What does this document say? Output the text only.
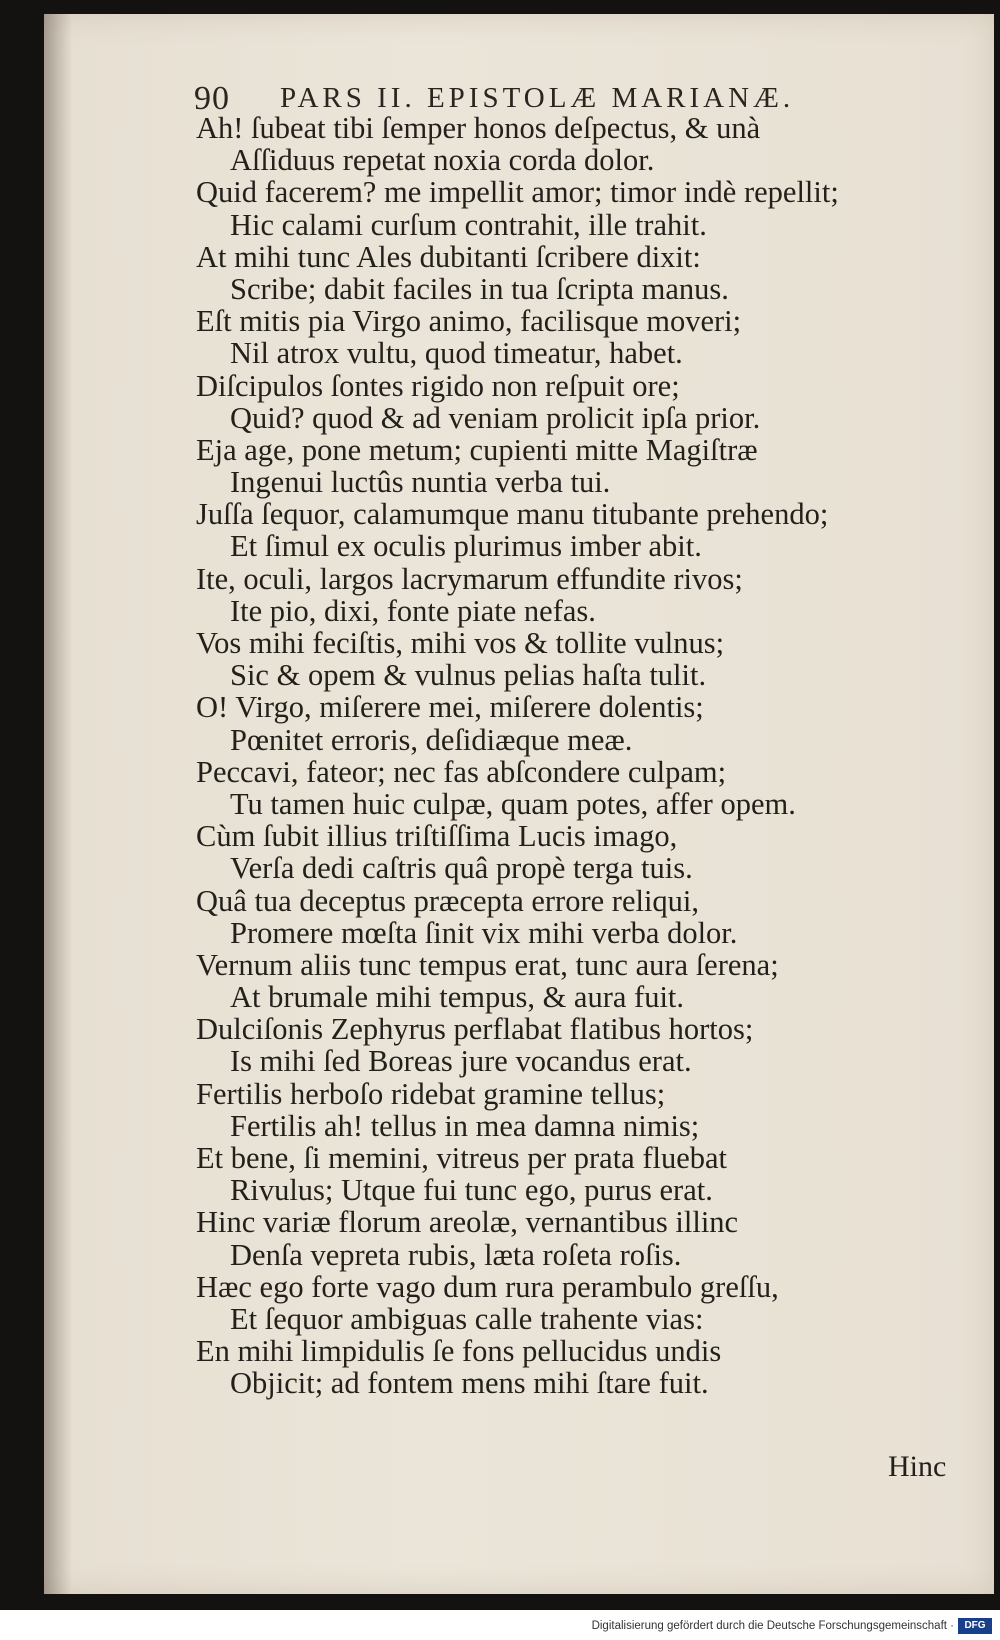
90 PARS II. EPISTOLÆ MARIANÆ.
Ah! ſubeat tibi ſemper honos deſpectus, & unà
Aſſiduus repetat noxia corda dolor.
Quid facerem? me impellit amor; timor indè repellit;
Hic calami curſum contrahit, ille trahit.
At mihi tunc Ales dubitanti ſcribere dixit:
Scribe; dabit faciles in tua ſcripta manus.
Eſt mitis pia Virgo animo, facilisque moveri;
Nil atrox vultu, quod timeatur, habet.
Diſcipulos ſontes rigido non reſpuit ore;
Quid? quod & ad veniam prolicit ipſa prior.
Eja age, pone metum; cupienti mitte Magiſtræ
Ingenui luctûs nuntia verba tui.
Juſſa ſequor, calamumque manu titubante prehendo;
Et ſimul ex oculis plurimus imber abit.
Ite, oculi, largos lacrymarum effundite rivos;
Ite pio, dixi, fonte piate nefas.
Vos mihi feciſtis, mihi vos & tollite vulnus;
Sic & opem & vulnus pelias haſta tulit.
O! Virgo, miſerere mei, miſerere dolentis;
Pœnitet erroris, deſidiæque meæ.
Peccavi, fateor; nec fas abſcondere culpam;
Tu tamen huic culpæ, quam potes, affer opem.
Cùm ſubit illius triſtiſſima Lucis imago,
Verſa dedi caſtris quâ propè terga tuis.
Quâ tua deceptus præcepta errore reliqui,
Promere mœſta ſinit vix mihi verba dolor.
Vernum aliis tunc tempus erat, tunc aura ſerena;
At brumale mihi tempus, & aura fuit.
Dulciſonis Zephyrus perflabat flatibus hortos;
Is mihi ſed Boreas jure vocandus erat.
Fertilis herboſo ridebat gramine tellus;
Fertilis ah! tellus in mea damna nimis;
Et bene, ſi memini, vitreus per prata fluebat
Rivulus; Utque fui tunc ego, purus erat.
Hinc variæ florum areolæ, vernantibus illinc
Denſa vepreta rubis, læta roſeta roſis.
Hæc ego forte vago dum rura perambulo greſſu,
Et ſequor ambiguas calle trahente vias:
En mihi limpidulis ſe fons pellucidus undis
Objicit; ad fontem mens mihi ſtare fuit.
Hinc
Digitalisierung gefördert durch die Deutsche Forschungsgemeinschaft ·	DFG
